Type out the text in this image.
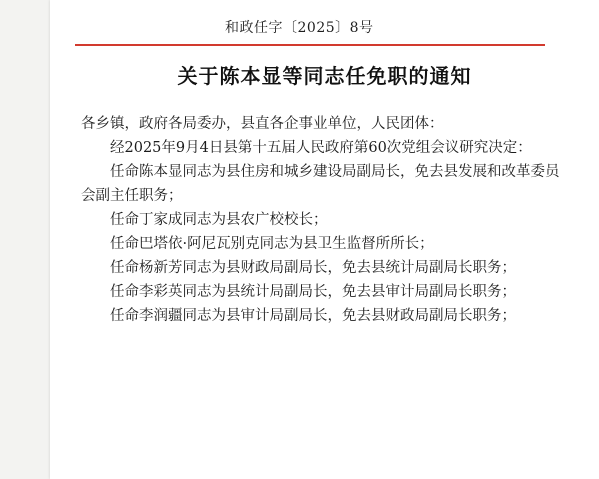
和政任字〔2025〕8号
关于陈本显等同志任免职的通知

各乡镇，政府各局委办，县直各企事业单位，人民团体：

经2025年9月4日县第十五届人民政府第60次党组会议研究决定：

任命陈本显同志为县住房和城乡建设局副局长，免去县发展和改革委员会副主任职务；

任命丁家成同志为县农广校校长；

任命巴塔依·阿尼瓦别克同志为县卫生监督所所长；

任命杨新芳同志为县财政局副局长，免去县统计局副局长职务；

任命李彩英同志为县统计局副局长，免去县审计局副局长职务；

任命李润疆同志为县审计局副局长，免去县财政局副局长职务；
